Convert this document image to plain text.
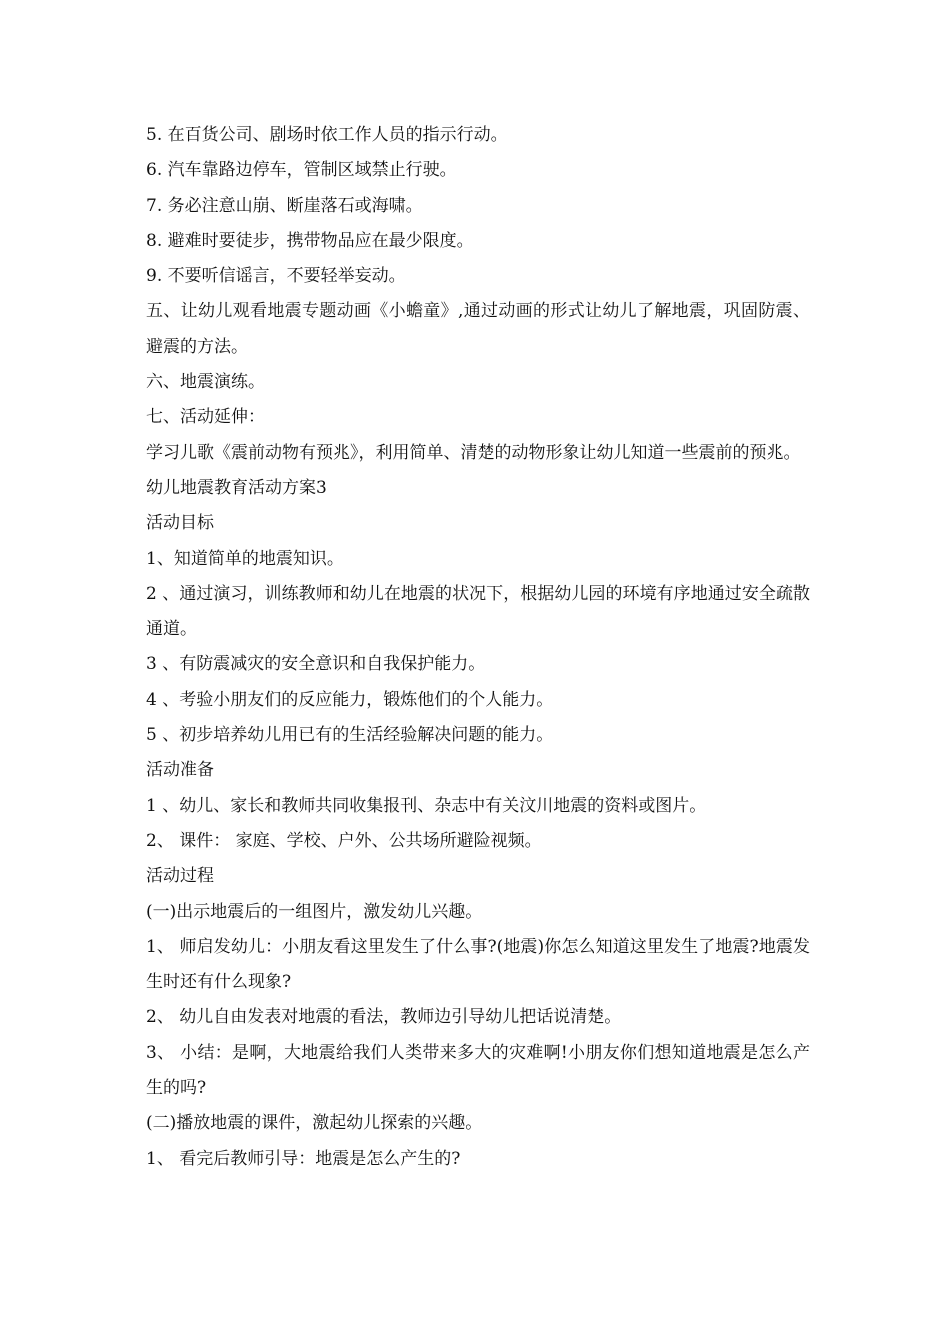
5. 在百货公司、剧场时依工作人员的指示行动。

6. 汽车靠路边停车，管制区域禁止行驶。

7. 务必注意山崩、断崖落石或海啸。

8. 避难时要徒步，携带物品应在最少限度。

9. 不要听信谣言，不要轻举妄动。

五、让幼儿观看地震专题动画《小蟾童》,通过动画的形式让幼儿了解地震，巩固防震、避震的方法。

六、地震演练。

七、活动延伸：

学习儿歌《震前动物有预兆》，利用简单、清楚的动物形象让幼儿知道一些震前的预兆。

幼儿地震教育活动方案3

活动目标

1、知道简单的地震知识。

2 、通过演习，训练教师和幼儿在地震的状况下，根据幼儿园的环境有序地通过安全疏散通道。

3 、有防震减灾的安全意识和自我保护能力。

4 、考验小朋友们的反应能力，锻炼他们的个人能力。

5 、初步培养幼儿用已有的生活经验解决问题的能力。

活动准备

1 、幼儿、家长和教师共同收集报刊、杂志中有关汶川地震的资料或图片。

2、 课件： 家庭、学校、户外、公共场所避险视频。

活动过程

(一)出示地震后的一组图片，激发幼儿兴趣。

1、 师启发幼儿：小朋友看这里发生了什么事?(地震)你怎么知道这里发生了地震?地震发生时还有什么现象?

2、 幼儿自由发表对地震的看法，教师边引导幼儿把话说清楚。

3、 小结：是啊，大地震给我们人类带来多大的灾难啊!小朋友你们想知道地震是怎么产生的吗?

(二)播放地震的课件，激起幼儿探索的兴趣。

1、 看完后教师引导：地震是怎么产生的?
